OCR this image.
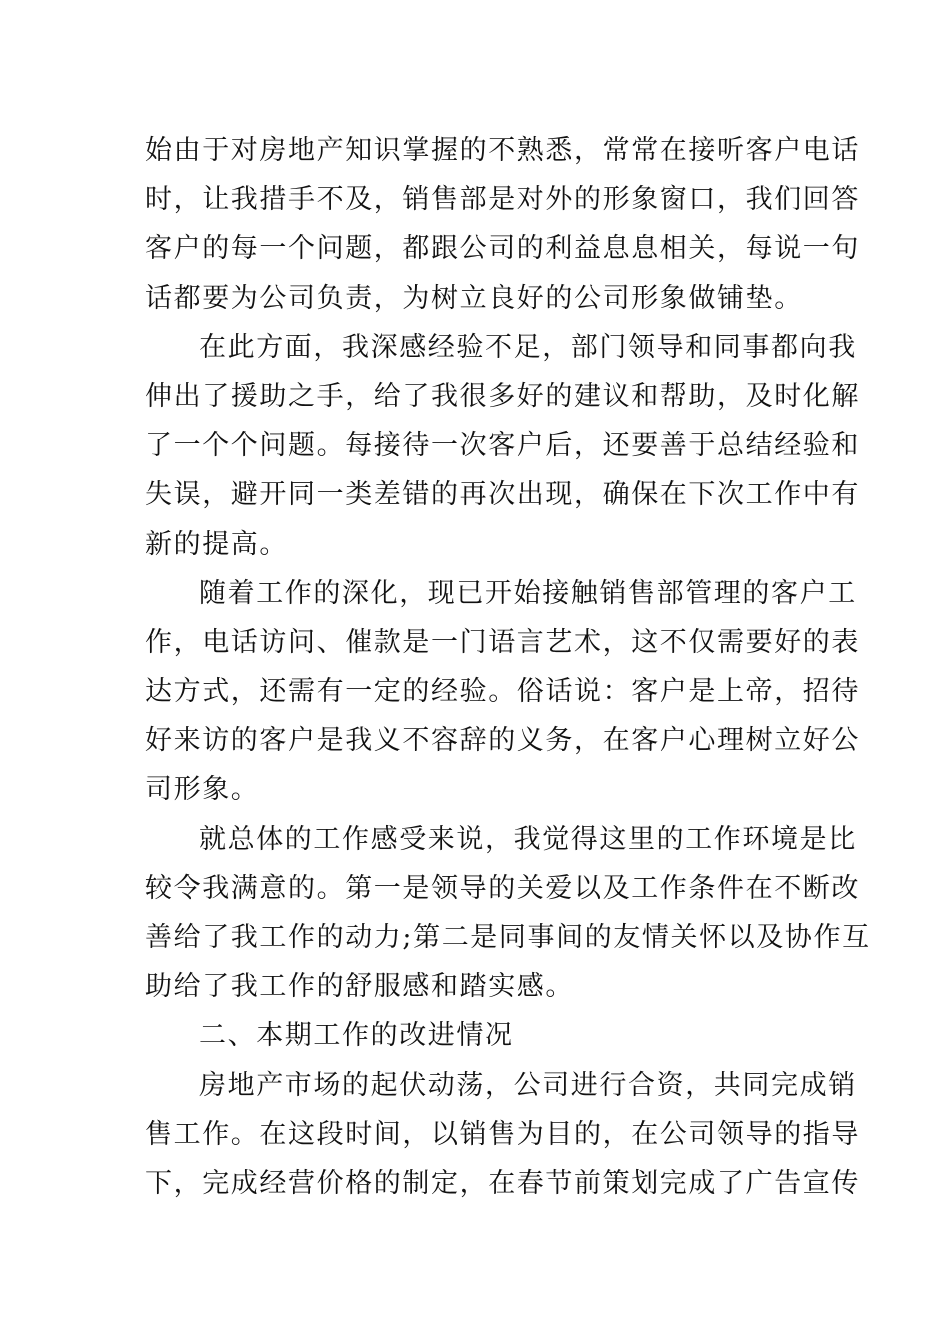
始由于对房地产知识掌握的不熟悉，常常在接听客户电话
时，让我措手不及，销售部是对外的形象窗口，我们回答
客户的每一个问题，都跟公司的利益息息相关，每说一句
话都要为公司负责，为树立良好的公司形象做铺垫。
在此方面，我深感经验不足，部门领导和同事都向我
伸出了援助之手，给了我很多好的建议和帮助，及时化解
了一个个问题。每接待一次客户后，还要善于总结经验和
失误，避开同一类差错的再次出现，确保在下次工作中有
新的提高。
随着工作的深化，现已开始接触销售部管理的客户工
作，电话访问、催款是一门语言艺术，这不仅需要好的表
达方式，还需有一定的经验。俗话说：客户是上帝，招待
好来访的客户是我义不容辞的义务，在客户心理树立好公
司形象。
就总体的工作感受来说，我觉得这里的工作环境是比
较令我满意的。第一是领导的关爱以及工作条件在不断改
善给了我工作的动力;第二是同事间的友情关怀以及协作互
助给了我工作的舒服感和踏实感。
二、本期工作的改进情况
房地产市场的起伏动荡，公司进行合资，共同完成销
售工作。在这段时间，以销售为目的，在公司领导的指导
下，完成经营价格的制定，在春节前策划完成了广告宣传
